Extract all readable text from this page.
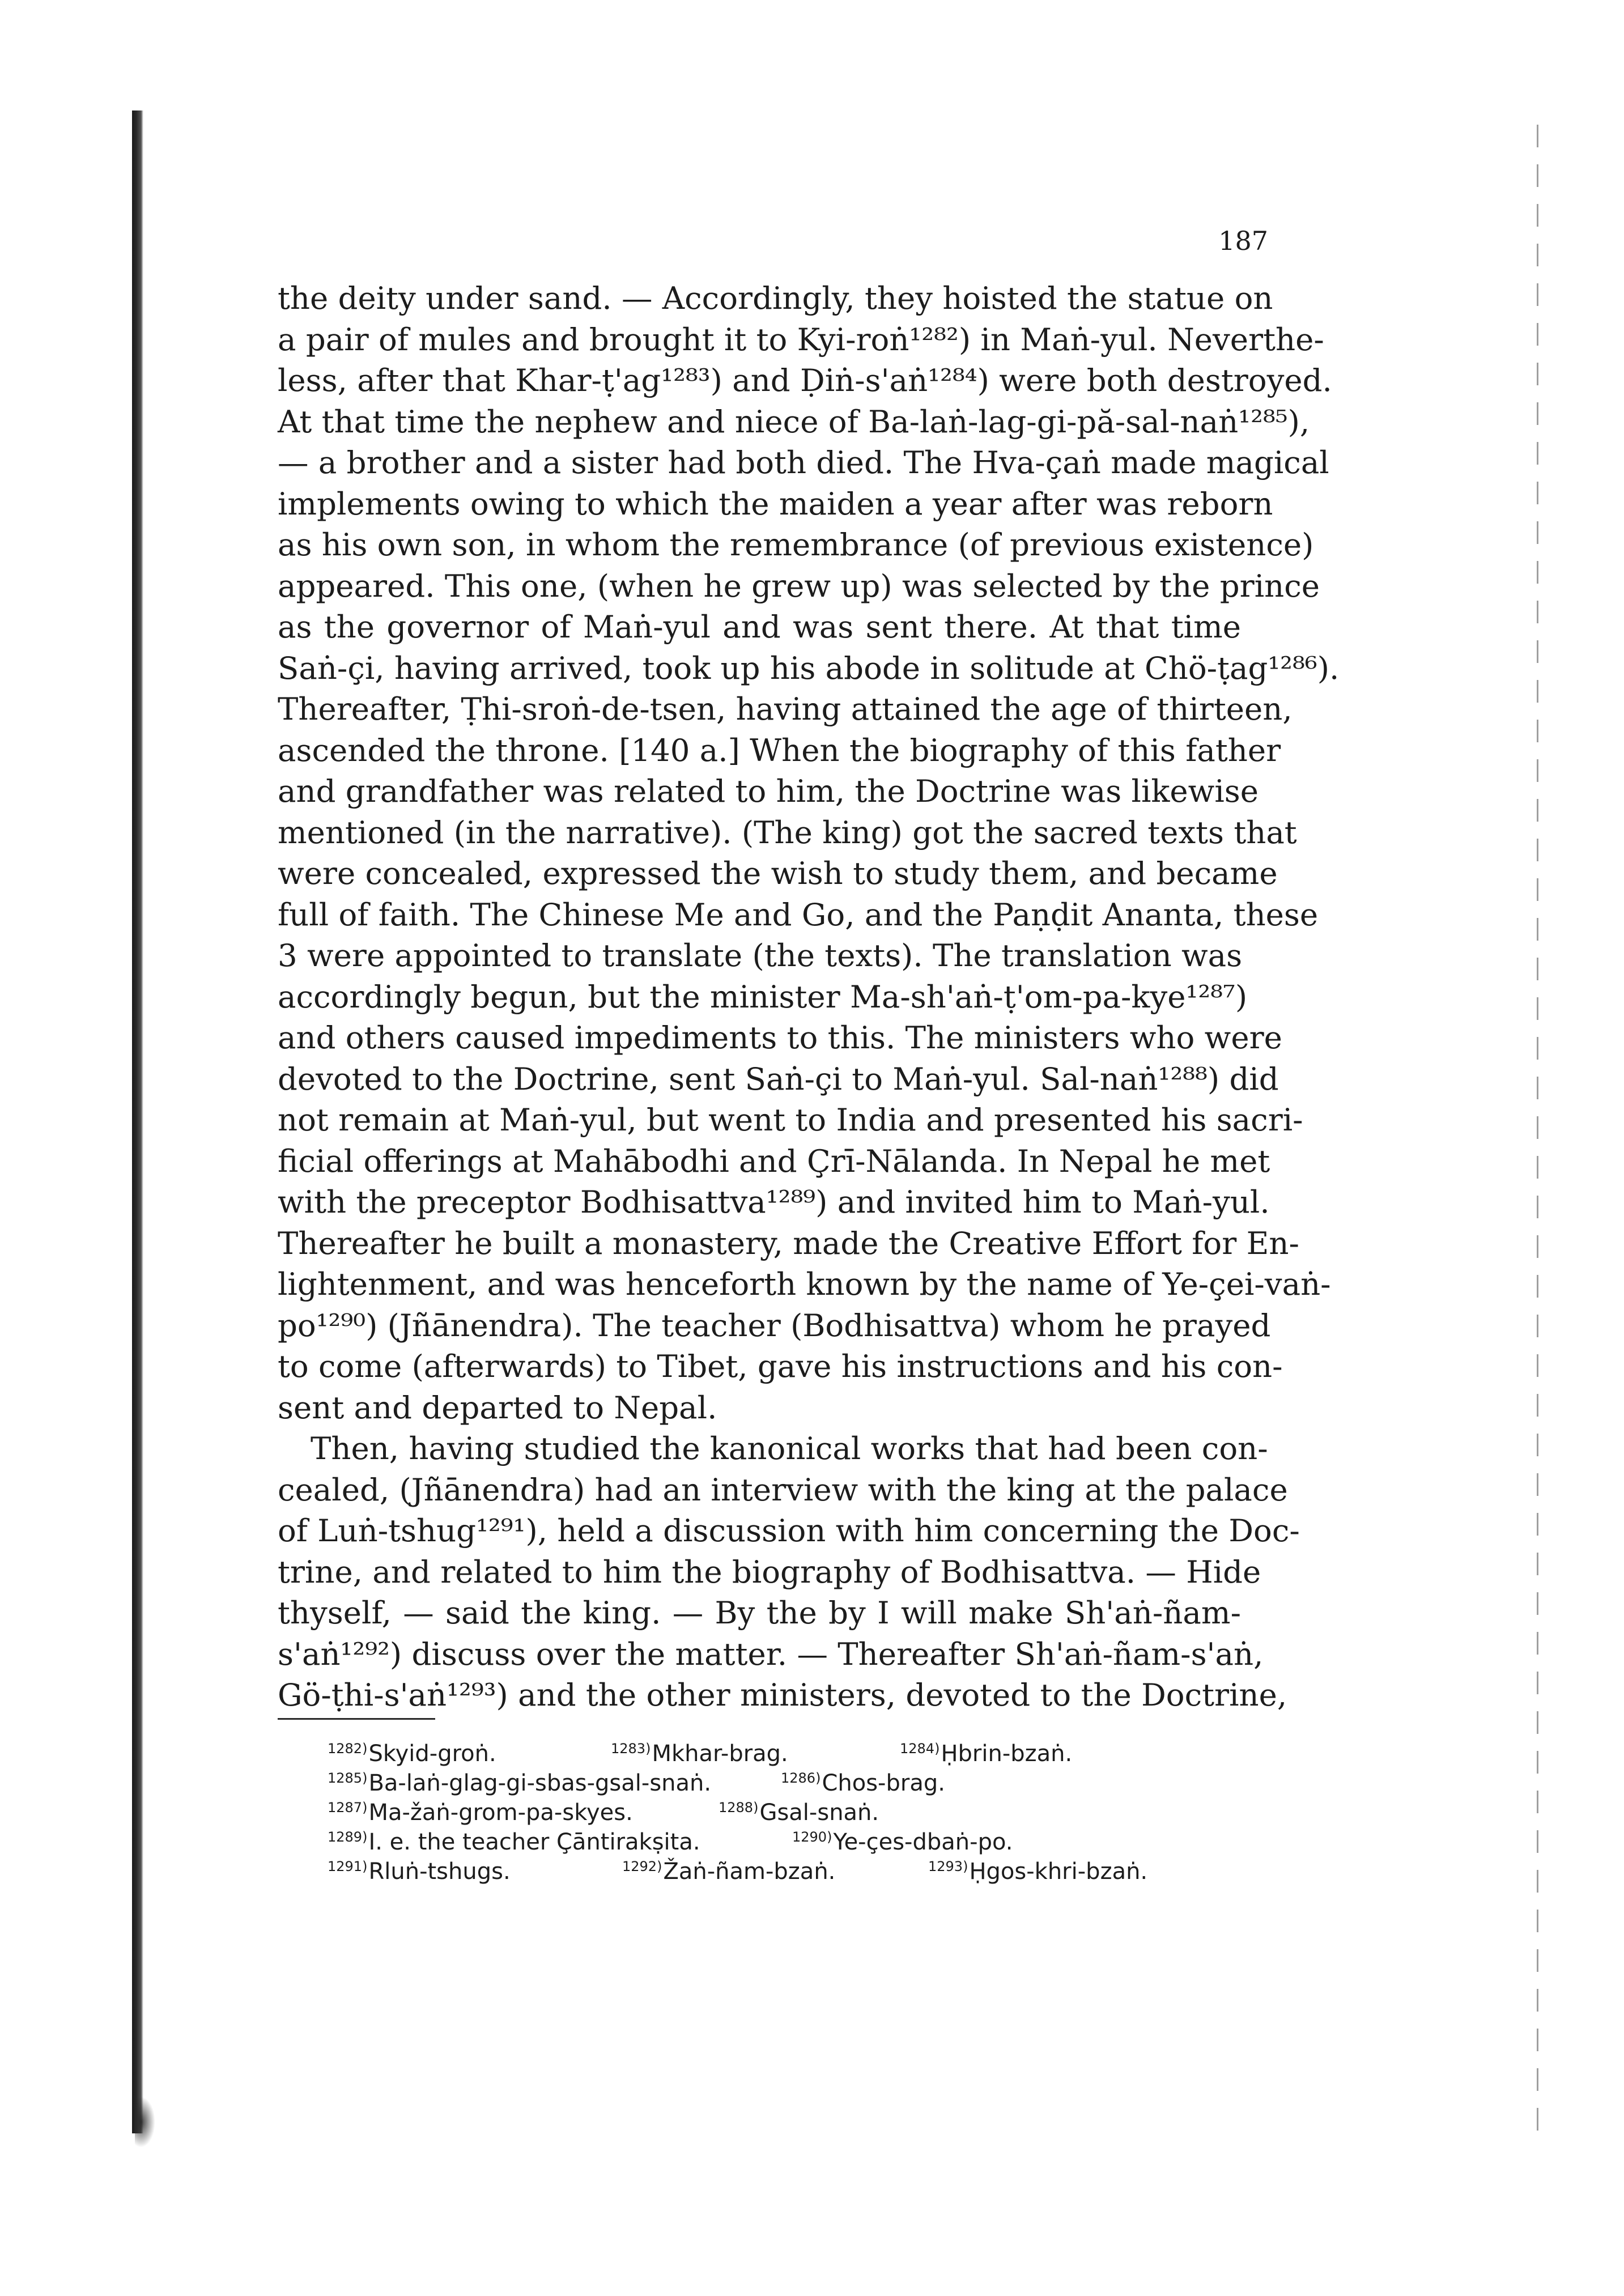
187
the deity under sand. — Accordingly, they hoisted the statue on
a pair of mules and brought it to Kyi-roṅ¹²⁸²) in Maṅ-yul. Neverthe-
less, after that Khar-ṭ'ag¹²⁸³) and Ḍiṅ-s'aṅ¹²⁸⁴) were both destroyed.
At that time the nephew and niece of Ba-laṅ-lag-gi-pă-sal-naṅ¹²⁸⁵),
— a brother and a sister had both died. The Hva-çaṅ made magical
implements owing to which the maiden a year after was reborn
as his own son, in whom the remembrance (of previous existence)
appeared. This one, (when he grew up) was selected by the prince
as the governor of Maṅ-yul and was sent there. At that time
Saṅ-çi, having arrived, took up his abode in solitude at Chö-ṭag¹²⁸⁶).
Thereafter, Ṭhi-sroṅ-de-tsen, having attained the age of thirteen,
ascended the throne. [140 a.] When the biography of this father
and grandfather was related to him, the Doctrine was likewise
mentioned (in the narrative). (The king) got the sacred texts that
were concealed, expressed the wish to study them, and became
full of faith. The Chinese Me and Go, and the Paṇḍit Ananta, these
3 were appointed to translate (the texts). The translation was
accordingly begun, but the minister Ma-sh'aṅ-ṭ'om-pa-kye¹²⁸⁷)
and others caused impediments to this. The ministers who were
devoted to the Doctrine, sent Saṅ-çi to Maṅ-yul. Sal-naṅ¹²⁸⁸) did
not remain at Maṅ-yul, but went to India and presented his sacri-
ficial offerings at Mahābodhi and Çrī-Nālanda. In Nepal he met
with the preceptor Bodhisattva¹²⁸⁹) and invited him to Maṅ-yul.
Thereafter he built a monastery, made the Creative Effort for En-
lightenment, and was henceforth known by the name of Ye-çei-vaṅ-
po¹²⁹⁰) (Jñānendra). The teacher (Bodhisattva) whom he prayed
to come (afterwards) to Tibet, gave his instructions and his con-
sent and departed to Nepal.
Then, having studied the kanonical works that had been con-
cealed, (Jñānendra) had an interview with the king at the palace
of Luṅ-tshug¹²⁹¹), held a discussion with him concerning the Doc-
trine, and related to him the biography of Bodhisattva. — Hide
thyself, — said the king. — By the by I will make Sh'aṅ-ñam-
s'aṅ¹²⁹²) discuss over the matter. — Thereafter Sh'aṅ-ñam-s'aṅ,
Gö-ṭhi-s'aṅ¹²⁹³) and the other ministers, devoted to the Doctrine,
$^{1282)}$Skyid-groṅ.	$^{1283)}$Mkhar-brag.	$^{1284)}$Ḥbrin-bzaṅ.
$^{1285)}$Ba-laṅ-glag-gi-sbas-gsal-snaṅ.	$^{1286)}$Chos-brag.
$^{1287)}$Ma-žaṅ-grom-pa-skyes.	$^{1288)}$Gsal-snaṅ.
$^{1289)}$I. e. the teacher Çāntirakṣita.	$^{1290)}$Ye-çes-dbaṅ-po.
$^{1291)}$Rluṅ-tshugs.	$^{1292)}$Žaṅ-ñam-bzaṅ.	$^{1293)}$Ḥgos-khri-bzaṅ.
